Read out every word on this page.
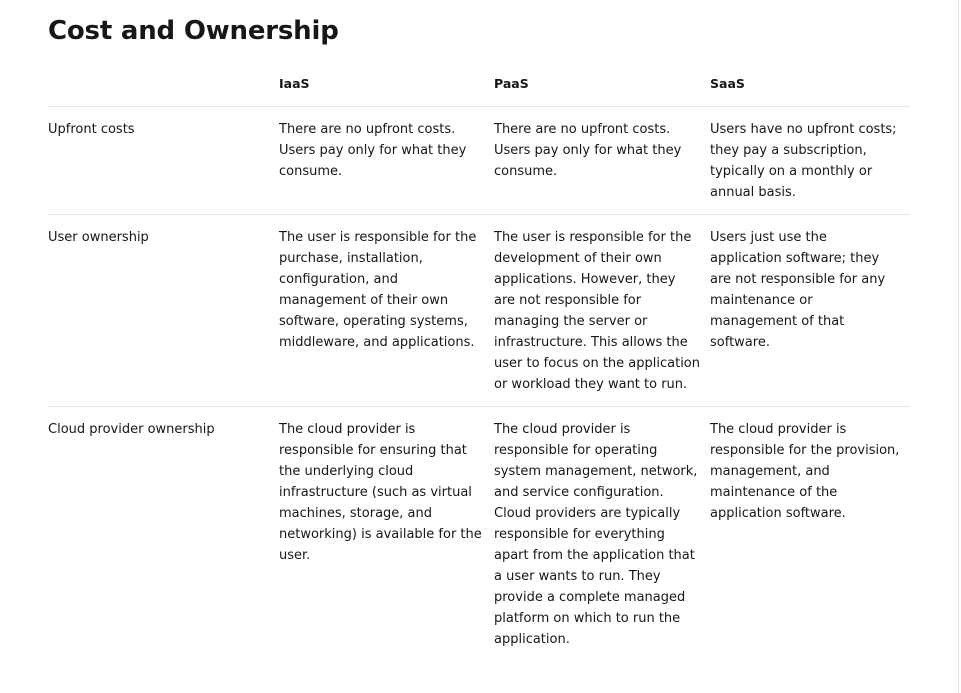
Cost and Ownership
	IaaS	PaaS	SaaS
Upfront costs	There are no upfront costs. Users pay only for what they consume.	There are no upfront costs. Users pay only for what they consume.	Users have no upfront costs; they pay a subscription, typically on a monthly or annual basis.
User ownership	The user is responsible for the purchase, installation, configuration, and management of their own software, operating systems, middleware, and applications.	The user is responsible for the development of their own applications. However, they are not responsible for managing the server or infrastructure. This allows the user to focus on the application or workload they want to run.	Users just use the application software; they are not responsible for any maintenance or management of that software.
Cloud provider ownership	The cloud provider is responsible for ensuring that the underlying cloud infrastructure (such as virtual machines, storage, and networking) is available for the user.	The cloud provider is responsible for operating system management, network, and service configuration. Cloud providers are typically responsible for everything apart from the application that a user wants to run. They provide a complete managed platform on which to run the application.	The cloud provider is responsible for the provision, management, and maintenance of the application software.
